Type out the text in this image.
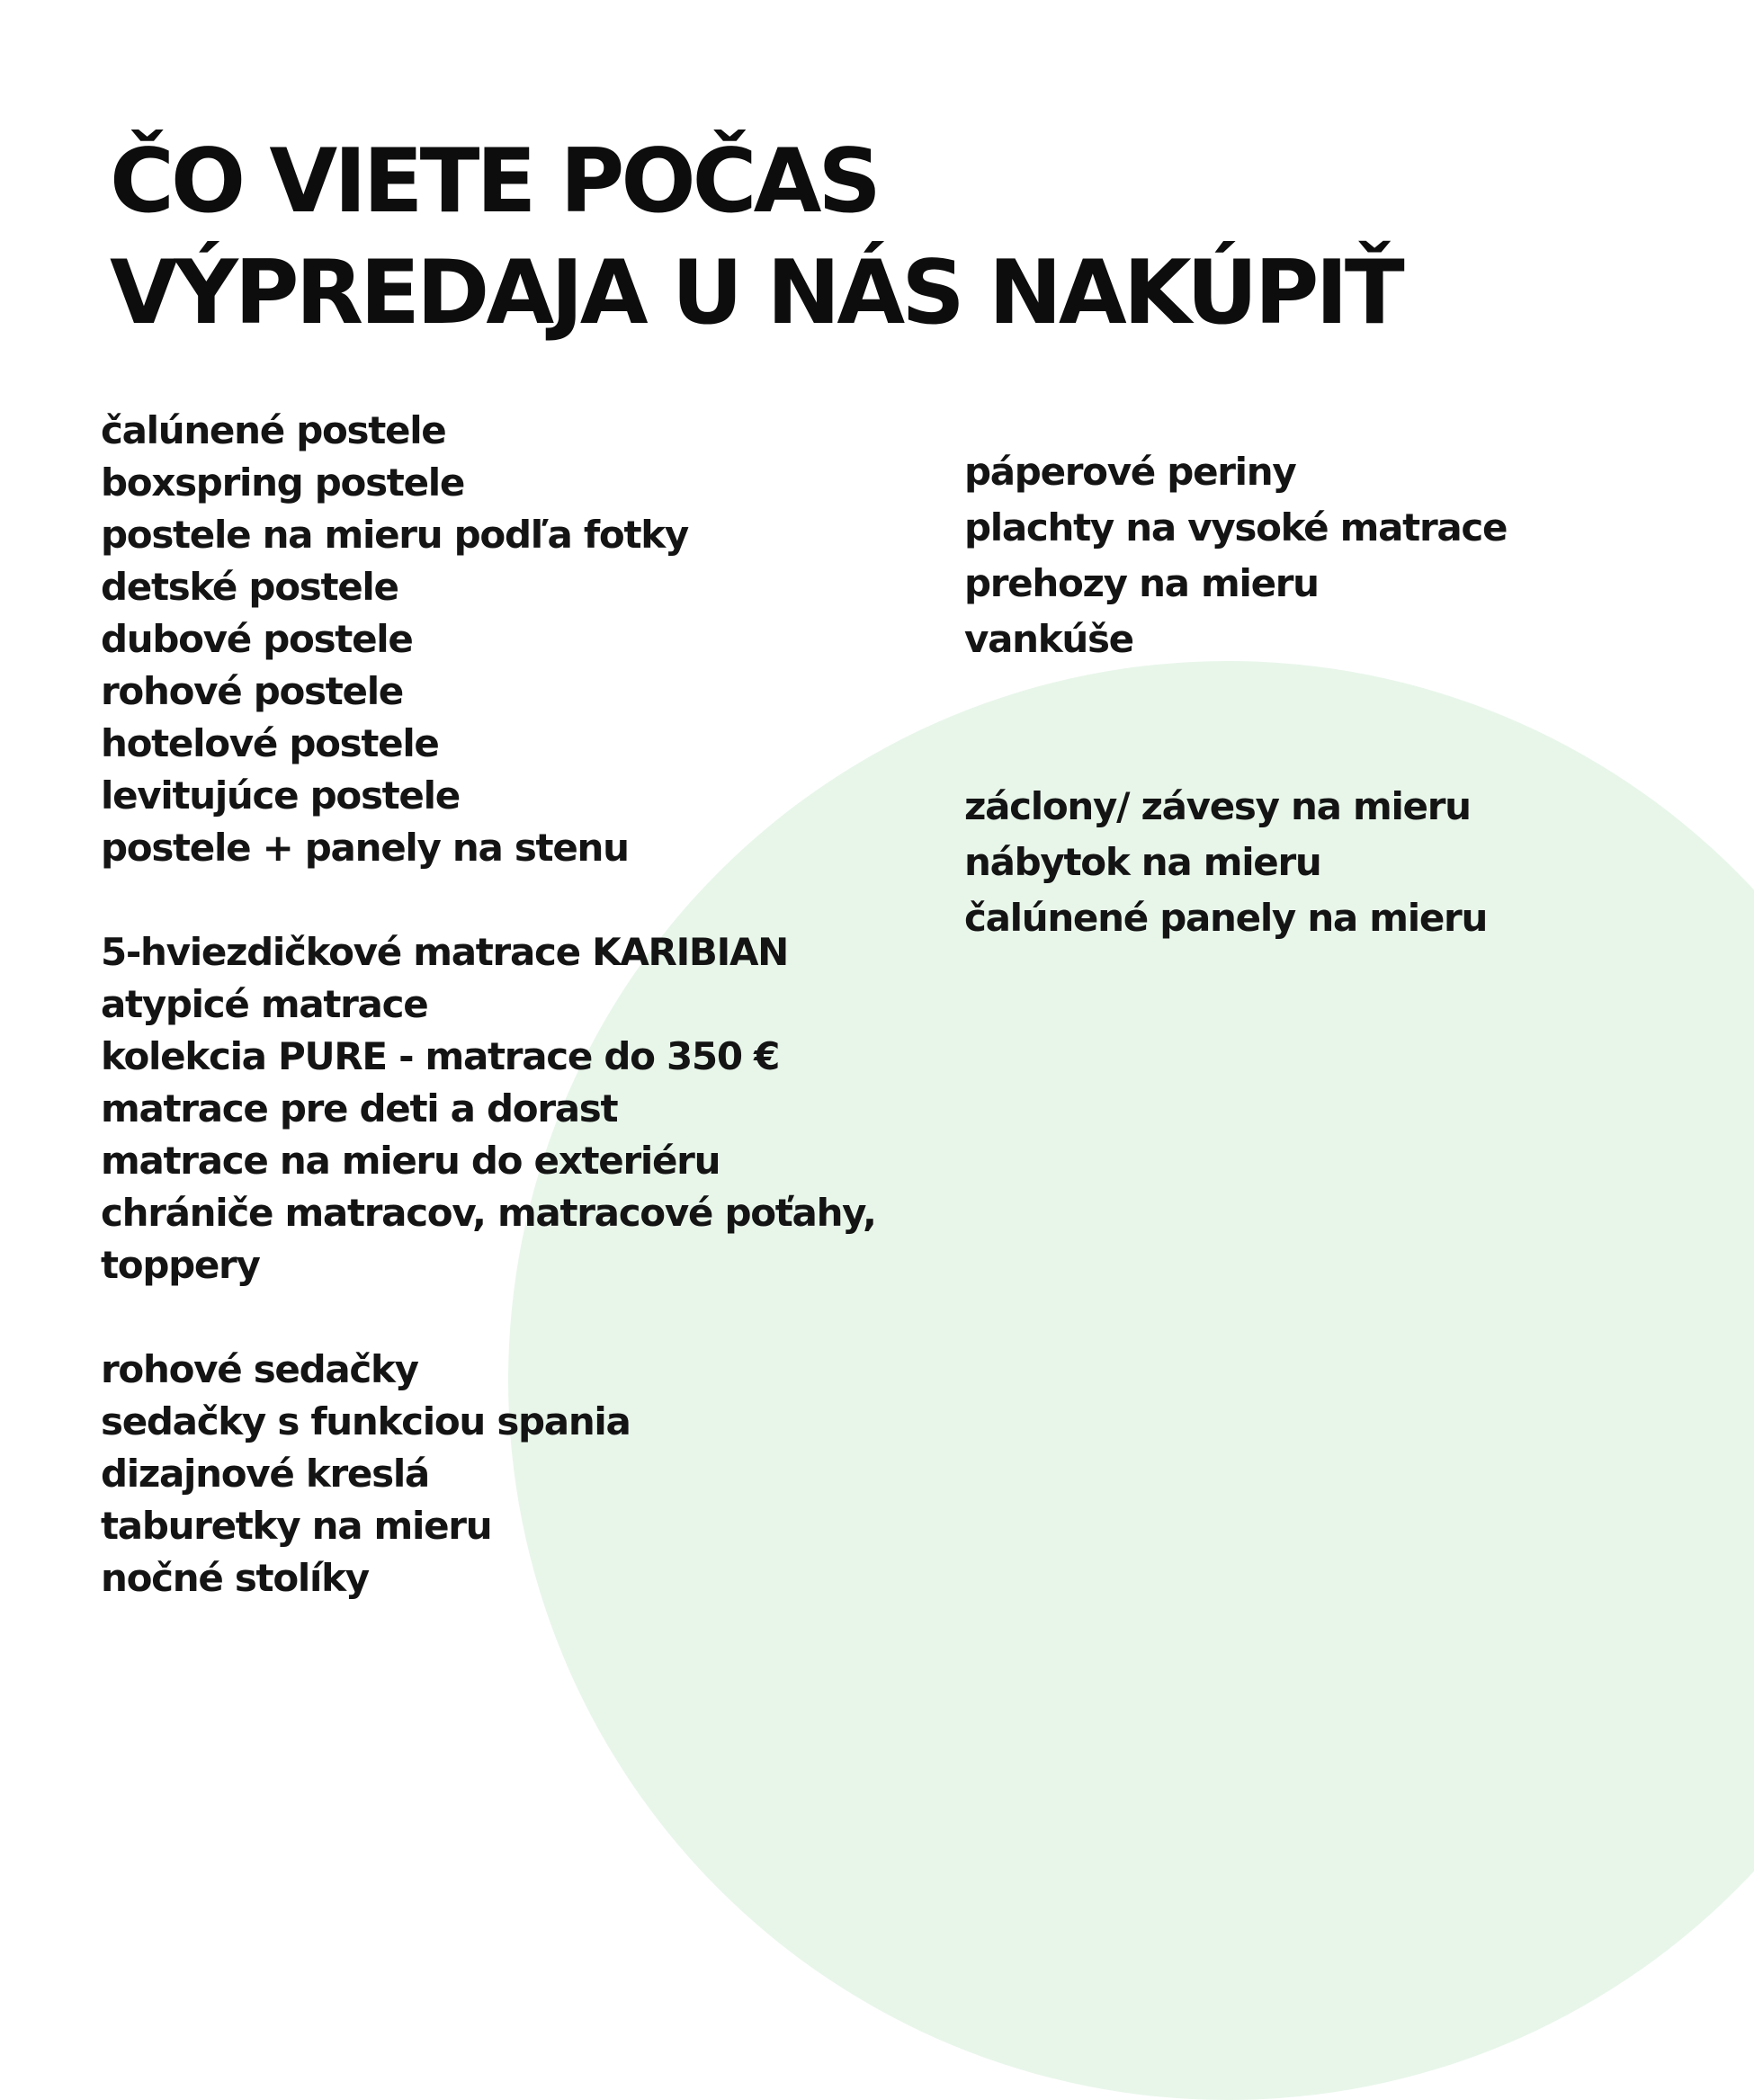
ČO VIETE POČAS
VÝPREDAJA U NÁS NAKÚPIŤ
čalúnené postele
boxspring postele
postele na mieru podľa fotky
detské postele
dubové postele
rohové postele
hotelové postele
levitujúce postele
postele + panely na stenu
5-hviezdičkové matrace KARIBIAN
atypicé matrace
kolekcia PURE - matrace do 350 €
matrace pre deti a dorast
matrace na mieru do exteriéru
chrániče matracov, matracové poťahy,
toppery
rohové sedačky
sedačky s funkciou spania
dizajnové kreslá
taburetky na mieru
nočné stolíky
páperové periny
plachty na vysoké matrace
prehozy na mieru
vankúše
záclony/ závesy na mieru
nábytok na mieru
čalúnené panely na mieru
